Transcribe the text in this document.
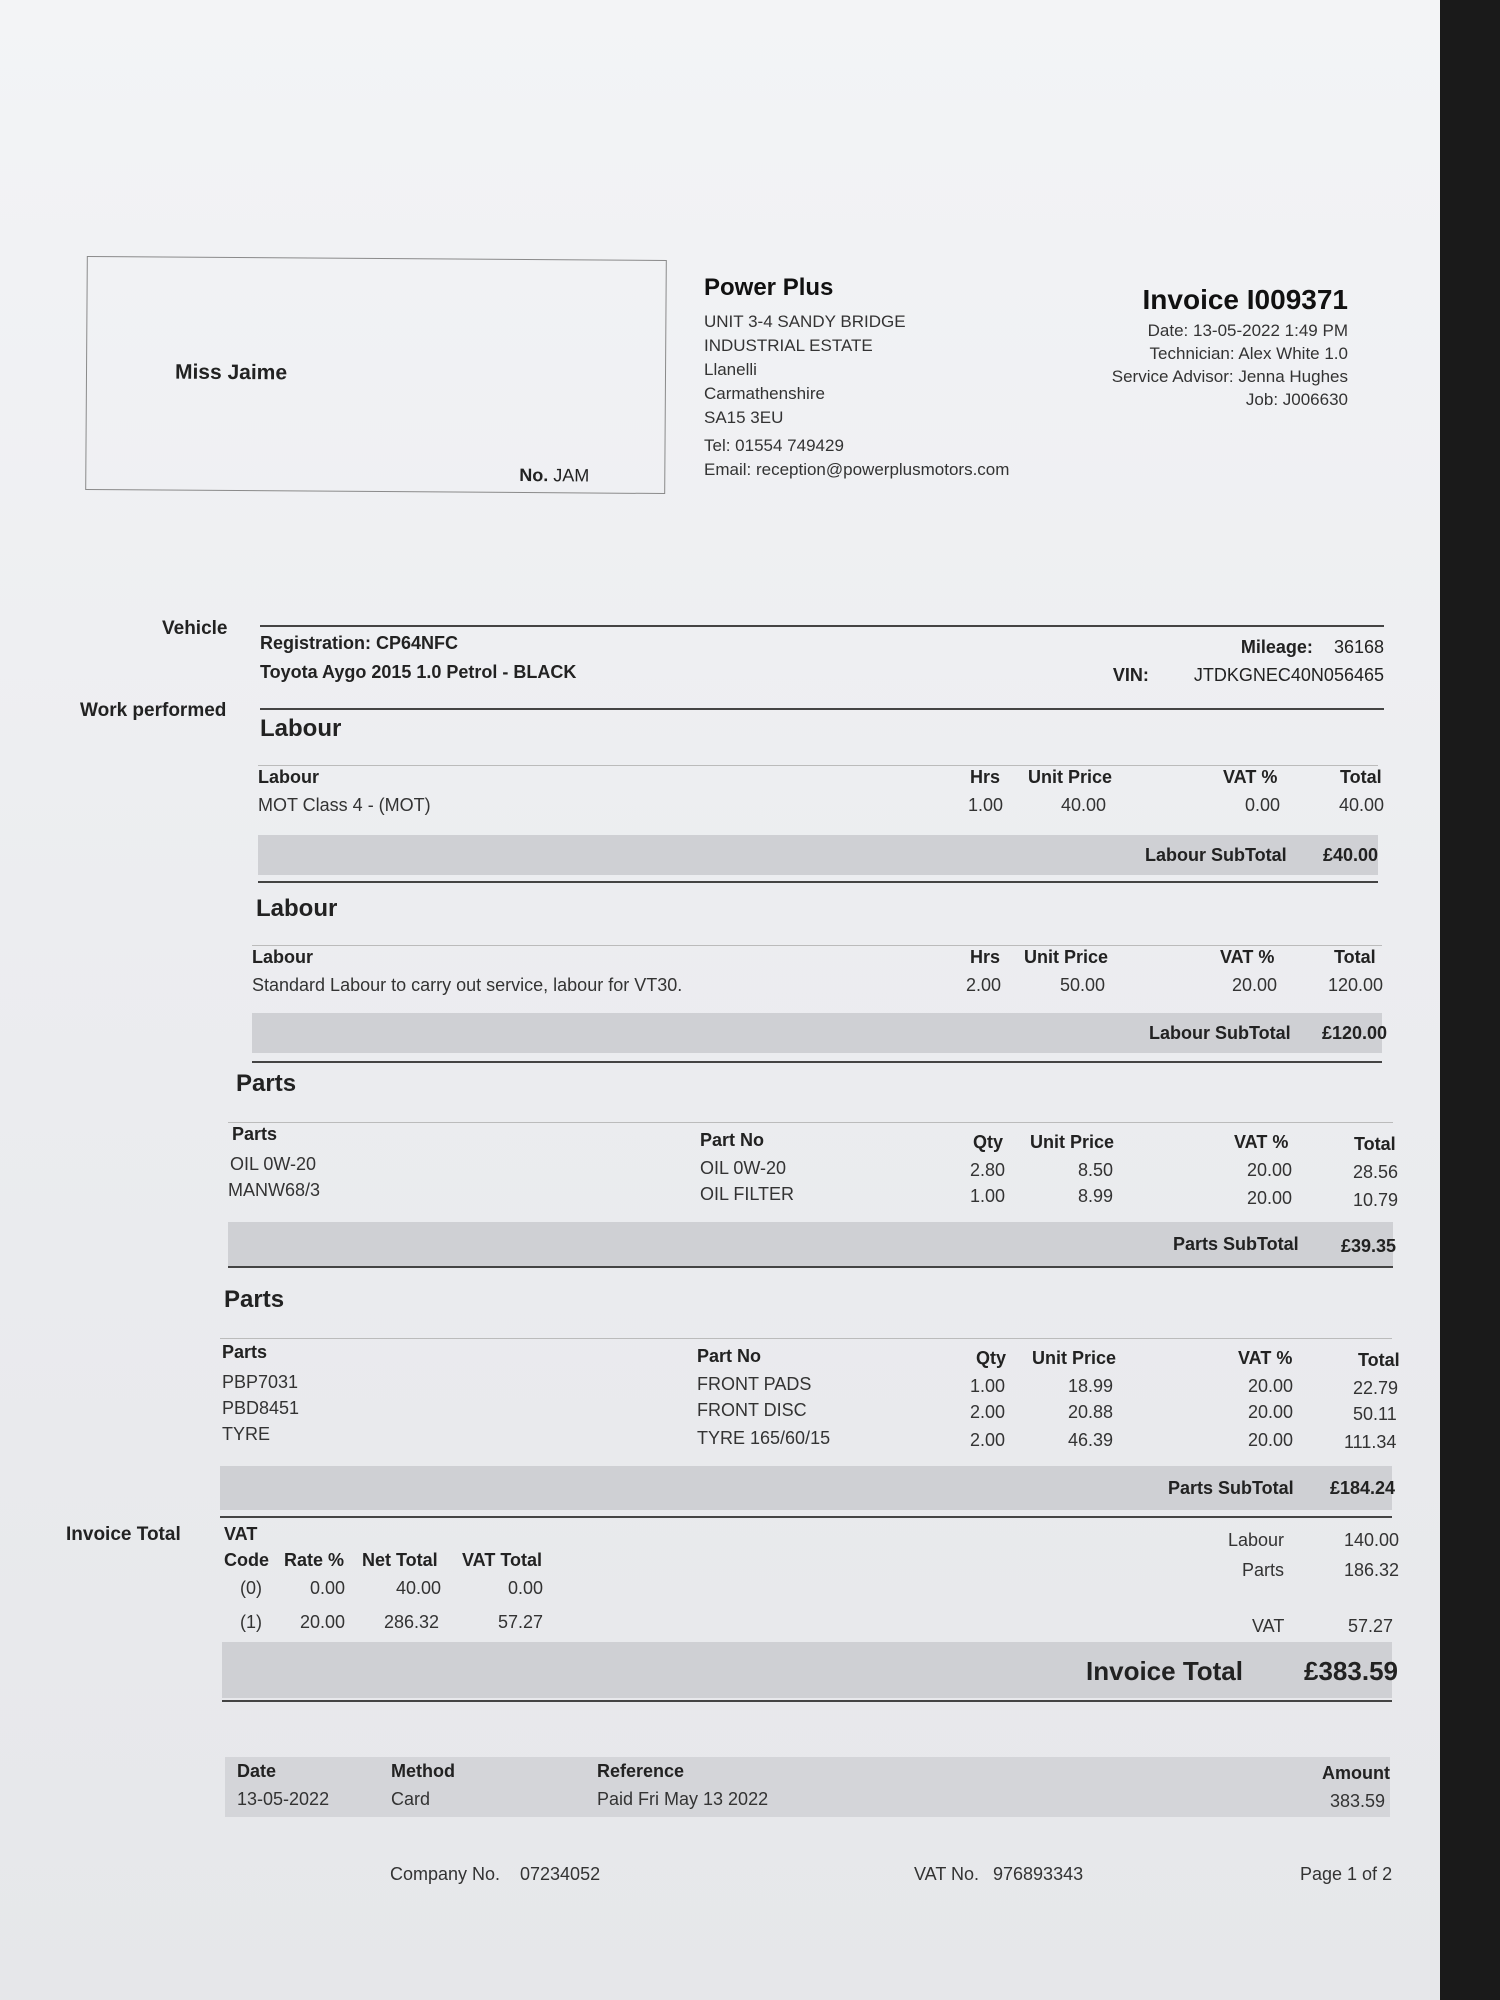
Miss Jaime
No. JAM
Power Plus
UNIT 3-4 SANDY BRIDGE
INDUSTRIAL ESTATE
Llanelli
Carmathenshire
SA15 3EU
Tel: 01554 749429
Email: reception@powerplusmotors.com
Invoice I009371
Date: 13-05-2022 1:49 PM
Technician: Alex White 1.0
Service Advisor: Jenna Hughes
Job: J006630
Vehicle
Work performed
Invoice Total
Registration: CP64NFC
Toyota Aygo 2015 1.0 Petrol - BLACK
Mileage: 36168
VIN:	JTDKGNEC40N056465
Labour
Labour	Hrs Unit Price	VAT %	Total
MOT Class 4 - (MOT)	1.00	40.00	0.00	40.00
Labour SubTotal £40.00
Labour
Labour	Hrs Unit Price	VAT %	Total
Standard Labour to carry out service, labour for VT30.	2.00	50.00	20.00	120.00
Labour SubTotal £120.00
Parts
Parts	Part No	Qty Unit Price	VAT %	Total
OIL 0W-20	OIL 0W-20	2.80	8.50	20.00	28.56
MANW68/3	OIL FILTER	1.00	8.99	20.00	10.79
Parts SubTotal £39.35
Parts
Parts	Part No	Qty Unit Price	VAT %	Total
PBP7031	FRONT PADS	1.00	18.99	20.00	22.79
PBD8451	FRONT DISC	2.00	20.88	20.00	50.11
TYRE	TYRE 165/60/15	2.00	46.39	20.00	111.34
Parts SubTotal £184.24
VAT
Code Rate % Net Total VAT Total
(0)	0.00	40.00	0.00
(1) 20.00 286.32	57.27
Labour	140.00
Parts	186.32
VAT	57.27
Invoice Total £383.59
Date	Method	Reference	Amount
13-05-2022	Card	Paid Fri May 13 2022	383.59
Company No. 07234052	VAT No. 976893343	Page 1 of 2
